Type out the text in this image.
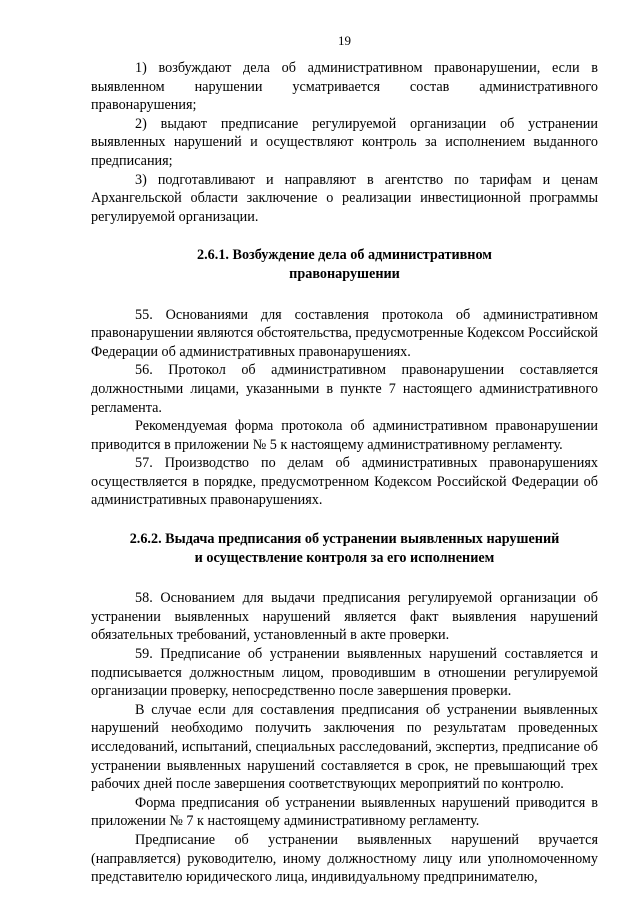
19

1) возбуждают дела об административном правонарушении, если в выявленном нарушении усматривается состав административного правонарушения;

2) выдают предписание регулируемой организации об устранении выявленных нарушений и осуществляют контроль за исполнением выданного предписания;

3) подготавливают и направляют в агентство по тарифам и ценам Архангельской области заключение о реализации инвестиционной программы регулируемой организации.

2.6.1. Возбуждение дела об административном
правонарушении

55. Основаниями для составления протокола об административном правонарушении являются обстоятельства, предусмотренные Кодексом Российской Федерации об административных правонарушениях.

56. Протокол об административном правонарушении составляется должностными лицами, указанными в пункте 7 настоящего административного регламента.

Рекомендуемая форма протокола об административном правонарушении приводится в приложении № 5 к настоящему административному регламенту.

57. Производство по делам об административных правонарушениях осуществляется в порядке, предусмотренном Кодексом Российской Федерации об административных правонарушениях.

2.6.2. Выдача предписания об устранении выявленных нарушений
и осуществление контроля за его исполнением

58. Основанием для выдачи предписания регулируемой организации об устранении выявленных нарушений является факт выявления нарушений обязательных требований, установленный в акте проверки.

59. Предписание об устранении выявленных нарушений составляется и подписывается должностным лицом, проводившим в отношении регулируемой организации проверку, непосредственно после завершения проверки.

В случае если для составления предписания об устранении выявленных нарушений необходимо получить заключения по результатам проведенных исследований, испытаний, специальных расследований, экспертиз, предписание об устранении выявленных нарушений составляется в срок, не превышающий трех рабочих дней после завершения соответствующих мероприятий по контролю.

Форма предписания об устранении выявленных нарушений приводится в приложении № 7 к настоящему административному регламенту.

Предписание об устранении выявленных нарушений вручается (направляется) руководителю, иному должностному лицу или уполномоченному представителю юридического лица, индивидуальному предпринимателю,
